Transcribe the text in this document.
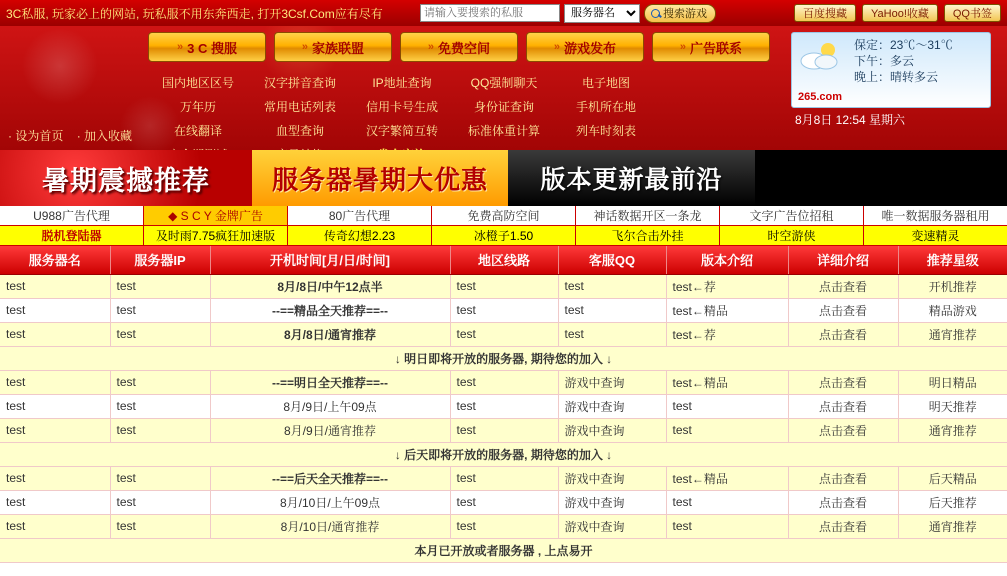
3C私服, 玩家必上的网站, 玩私服不用东奔西走, 打开3Csf.Com应有尽有
请输入要搜索的私服
服务器名	搜索游戏	百度搜藏	YaHoo!收藏	QQ书签
· 设为首页 · 加入收藏
» 3 C 搜服	» 家族联盟	» 免费空间	» 游戏发布	» 广告联系
国内地区区号	汉字拼音查询	IP地址查询	QQ强制聊天	电子地图
万年历	常用电话列表	信用卡号生成	身份证查询	手机所在地
在线翻译	血型查询	汉字繁简互转	标准体重计算	列车时刻表
保定：23℃～31℃
下午：多云
晚上：晴转多云
265.com
8月8日 12:54 星期六
暑期震撼推荐 服务器暑期大优惠 版本更新最前沿
U988广告代理	◆ S C Y 金牌广告	80广告代理	免费高防空间	神话数据开区一条龙	文字广告位招租	唯一数据服务器租用
脱机登陆器	及时雨7.75疯狂加速版	传奇幻想2.23	冰橙子1.50	飞尔合击外挂	时空游侠	变速精灵
服务器名	服务器IP	开机时间[月/日/时间]	地区线路	客服QQ	版本介绍	详细介绍	推荐星级
test	test	8月/8日/中午12点半	test	test	test←荐	点击查看	开机推荐
test	test	--==精品全天推荐==--	test	test	test←精品	点击查看	精品游戏
test	test	8月/8日/通宵推荐	test	test	test←荐	点击查看	通宵推荐
↓ 明日即将开放的服务器, 期待您的加入 ↓							
test	test	--==明日全天推荐==--	test	游戏中查询	test←精品	点击查看	明日精品
test	test	8月/9日/上午09点	test	游戏中查询	test	点击查看	明天推荐
test	test	8月/9日/通宵推荐	test	游戏中查询	test	点击查看	通宵推荐
↓ 后天即将开放的服务器, 期待您的加入 ↓							
test	test	--==后天全天推荐==--	test	游戏中查询	test←精品	点击查看	后天精品
test	test	8月/10日/上午09点	test	游戏中查询	test	点击查看	后天推荐
test	test	8月/10日/通宵推荐	test	游戏中查询	test	点击查看	通宵推荐
本月已开放或者服务器 , 上点易开							
